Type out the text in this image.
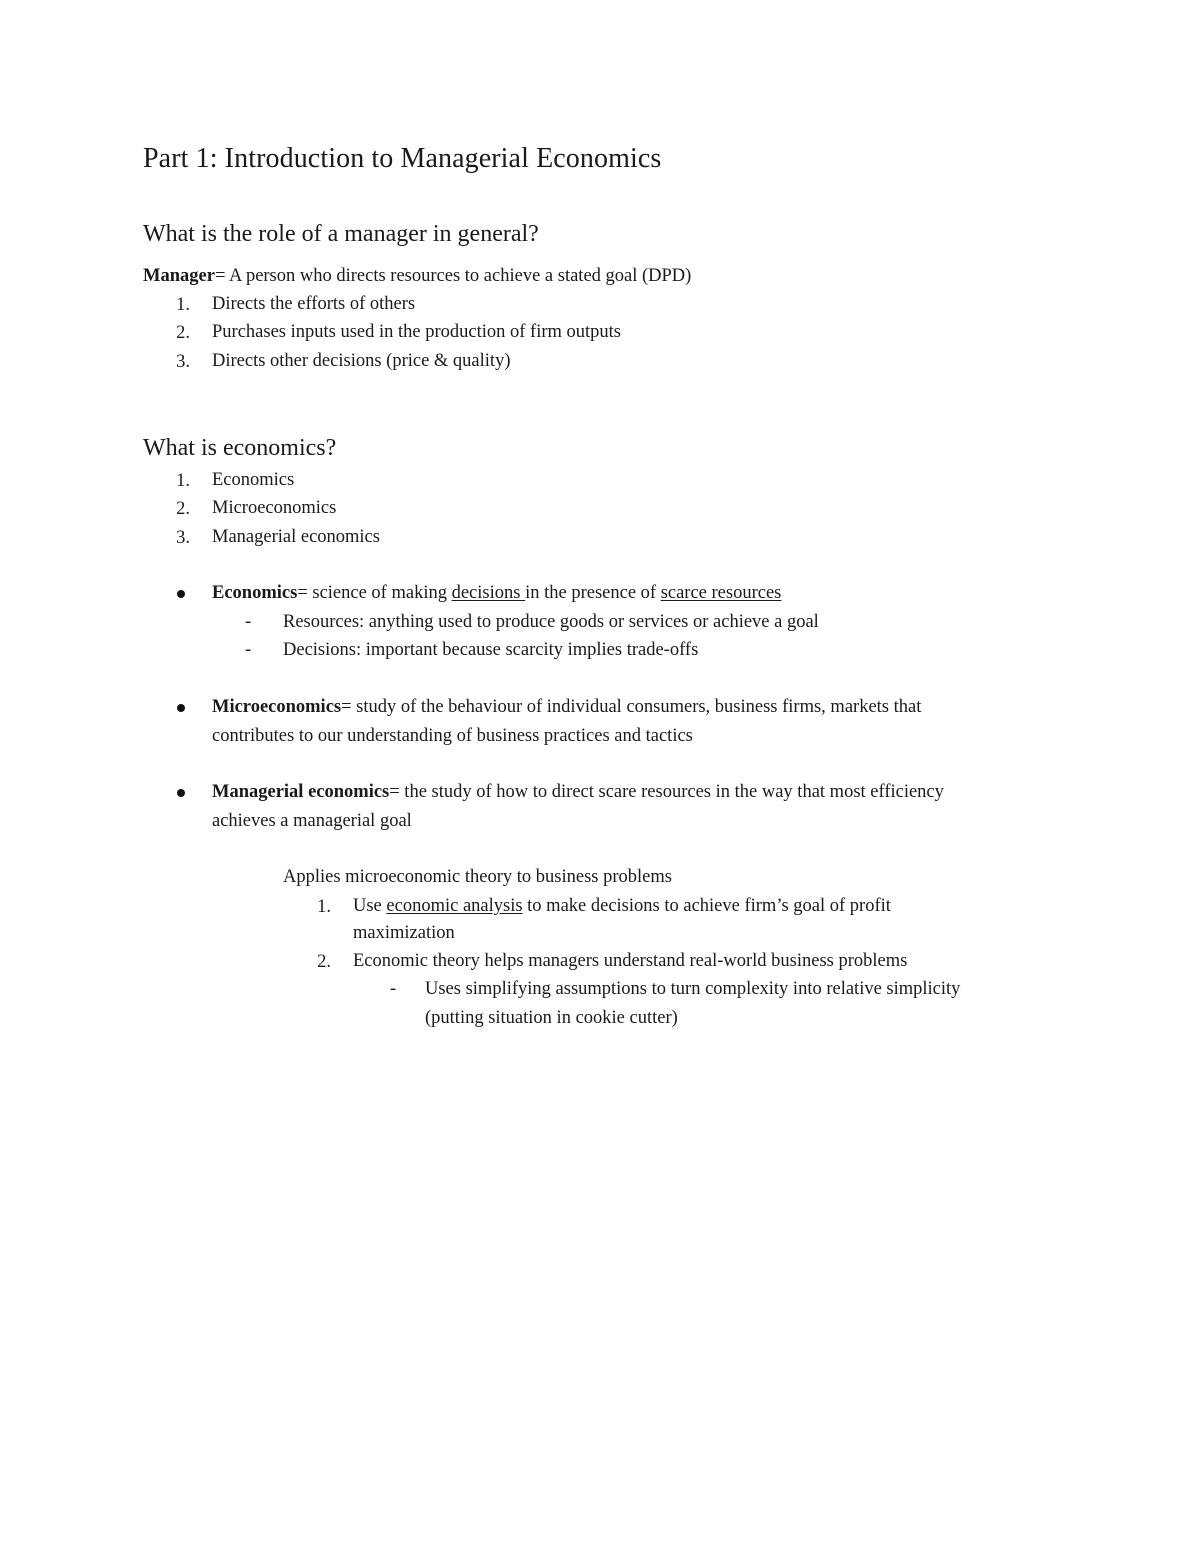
Part 1: Introduction to Managerial Economics
What is the role of a manager in general?
Manager= A person who directs resources to achieve a stated goal (DPD)
1. Directs the efforts of others
2. Purchases inputs used in the production of firm outputs
3. Directs other decisions (price & quality)
What is economics?
1. Economics
2. Microeconomics
3. Managerial economics
Economics= science of making decisions in the presence of scarce resources
- Resources: anything used to produce goods or services or achieve a goal
- Decisions: important because scarcity implies trade-offs
Microeconomics= study of the behaviour of individual consumers, business firms, markets that
contributes to our understanding of business practices and tactics
Managerial economics= the study of how to direct scare resources in the way that most efficiency
achieves a managerial goal
Applies microeconomic theory to business problems
1. Use economic analysis to make decisions to achieve firm’s goal of profit
maximization
2. Economic theory helps managers understand real-world business problems
- Uses simplifying assumptions to turn complexity into relative simplicity
(putting situation in cookie cutter)
